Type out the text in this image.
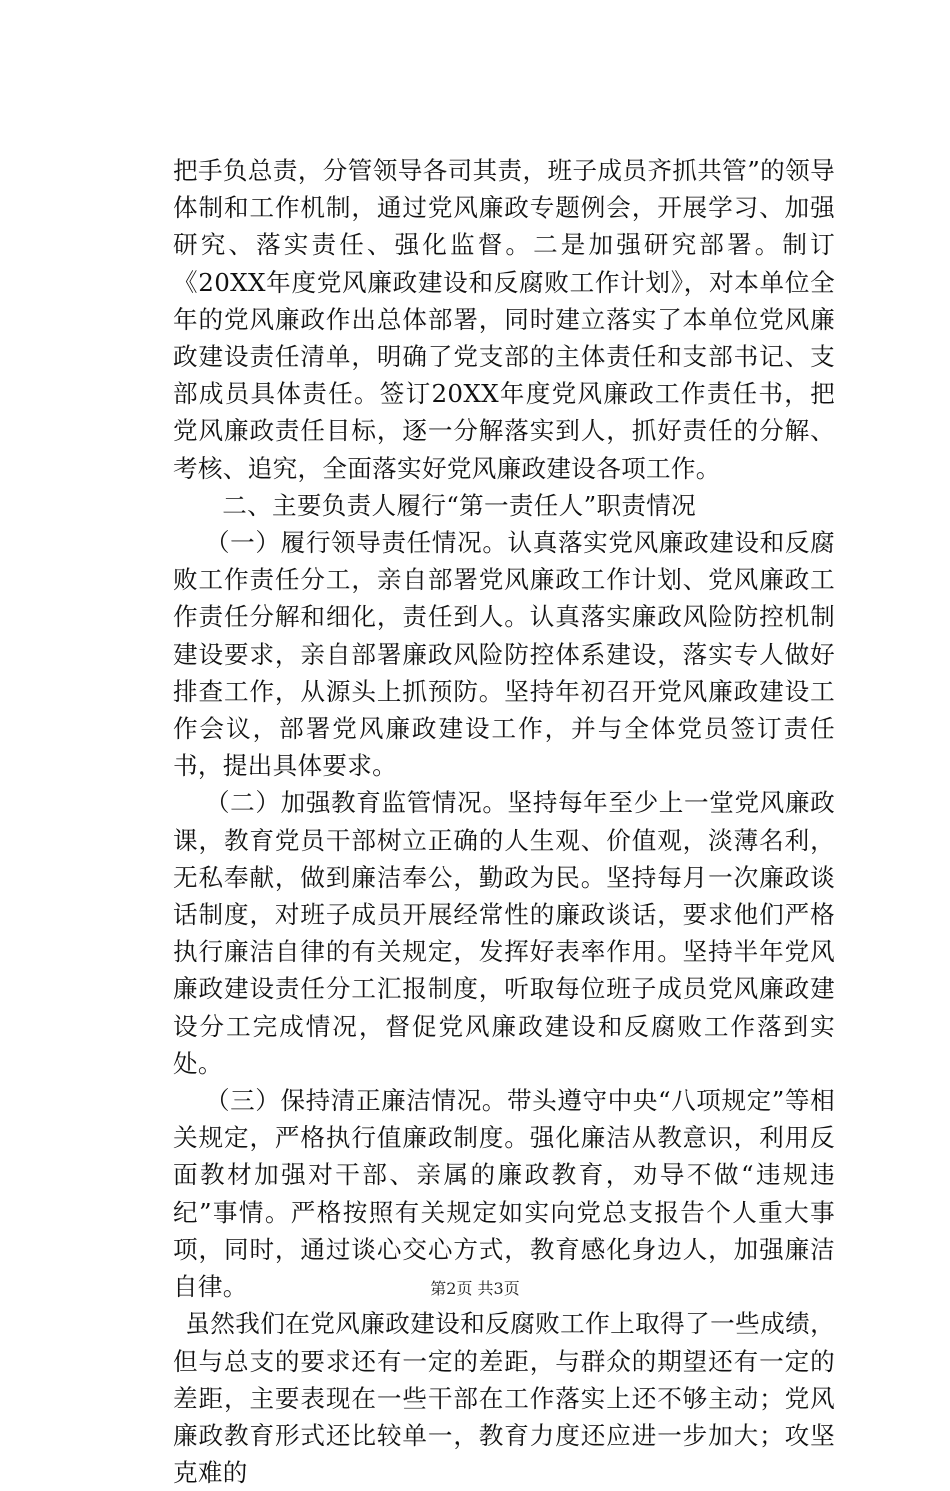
把手负总责，分管领导各司其责，班子成员齐抓共管”的领导体制和工作机制，通过党风廉政专题例会，开展学习、加强研究、落实责任、强化监督。二是加强研究部署。制订《20XX年度党风廉政建设和反腐败工作计划》，对本单位全年的党风廉政作出总体部署，同时建立落实了本单位党风廉政建设责任清单，明确了党支部的主体责任和支部书记、支部成员具体责任。签订20XX年度党风廉政工作责任书，把党风廉政责任目标，逐一分解落实到人，抓好责任的分解、考核、追究，全面落实好党风廉政建设各项工作。

二、主要负责人履行“第一责任人”职责情况

（一）履行领导责任情况。认真落实党风廉政建设和反腐败工作责任分工，亲自部署党风廉政工作计划、党风廉政工作责任分解和细化，责任到人。认真落实廉政风险防控机制建设要求，亲自部署廉政风险防控体系建设，落实专人做好排查工作，从源头上抓预防。坚持年初召开党风廉政建设工作会议，部署党风廉政建设工作，并与全体党员签订责任书，提出具体要求。

（二）加强教育监管情况。坚持每年至少上一堂党风廉政课，教育党员干部树立正确的人生观、价值观，淡薄名利，无私奉献，做到廉洁奉公，勤政为民。坚持每月一次廉政谈话制度，对班子成员开展经常性的廉政谈话，要求他们严格执行廉洁自律的有关规定，发挥好表率作用。坚持半年党风廉政建设责任分工汇报制度，听取每位班子成员党风廉政建设分工完成情况，督促党风廉政建设和反腐败工作落到实处。

（三）保持清正廉洁情况。带头遵守中央“八项规定”等相关规定，严格执行值廉政制度。强化廉洁从教意识，利用反面教材加强对干部、亲属的廉政教育，劝导不做“违规违纪”事情。严格按照有关规定如实向党总支报告个人重大事项，同时，通过谈心交心方式，教育感化身边人，加强廉洁自律。

虽然我们在党风廉政建设和反腐败工作上取得了一些成绩，但与总支的要求还有一定的差距，与群众的期望还有一定的差距，主要表现在一些干部在工作落实上还不够主动；党风廉政教育形式还比较单一，教育力度还应进一步加大；攻坚克难的

第2页 共3页
